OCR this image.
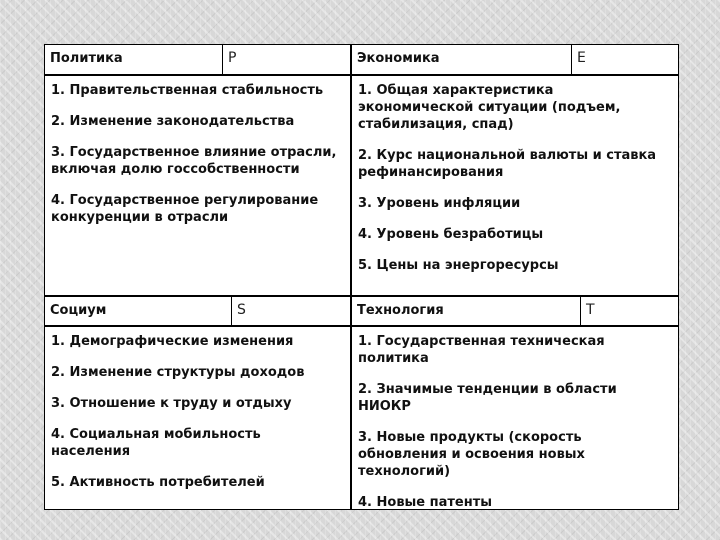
Политика	P
1. Правительственная стабильность
2. Изменение законодательства
3. Государственное влияние отрасли, включая долю госсобственности
4. Государственное регулирование конкуренции в отрасли
Экономика	E
1. Общая характеристика экономической ситуации (подъем, стабилизация, спад)
2. Курс национальной валюты и ставка рефинансирования
3. Уровень инфляции
4. Уровень безработицы
5. Цены на энергоресурсы
Социум	S
1. Демографические изменения
2. Изменение структуры доходов
3. Отношение к труду и отдыху
4. Социальная мобильность населения
5. Активность потребителей
Технология	T
1. Государственная техническая политика
2. Значимые тенденции в области НИОКР
3. Новые продукты (скорость обновления и освоения новых технологий)
4. Новые патенты
